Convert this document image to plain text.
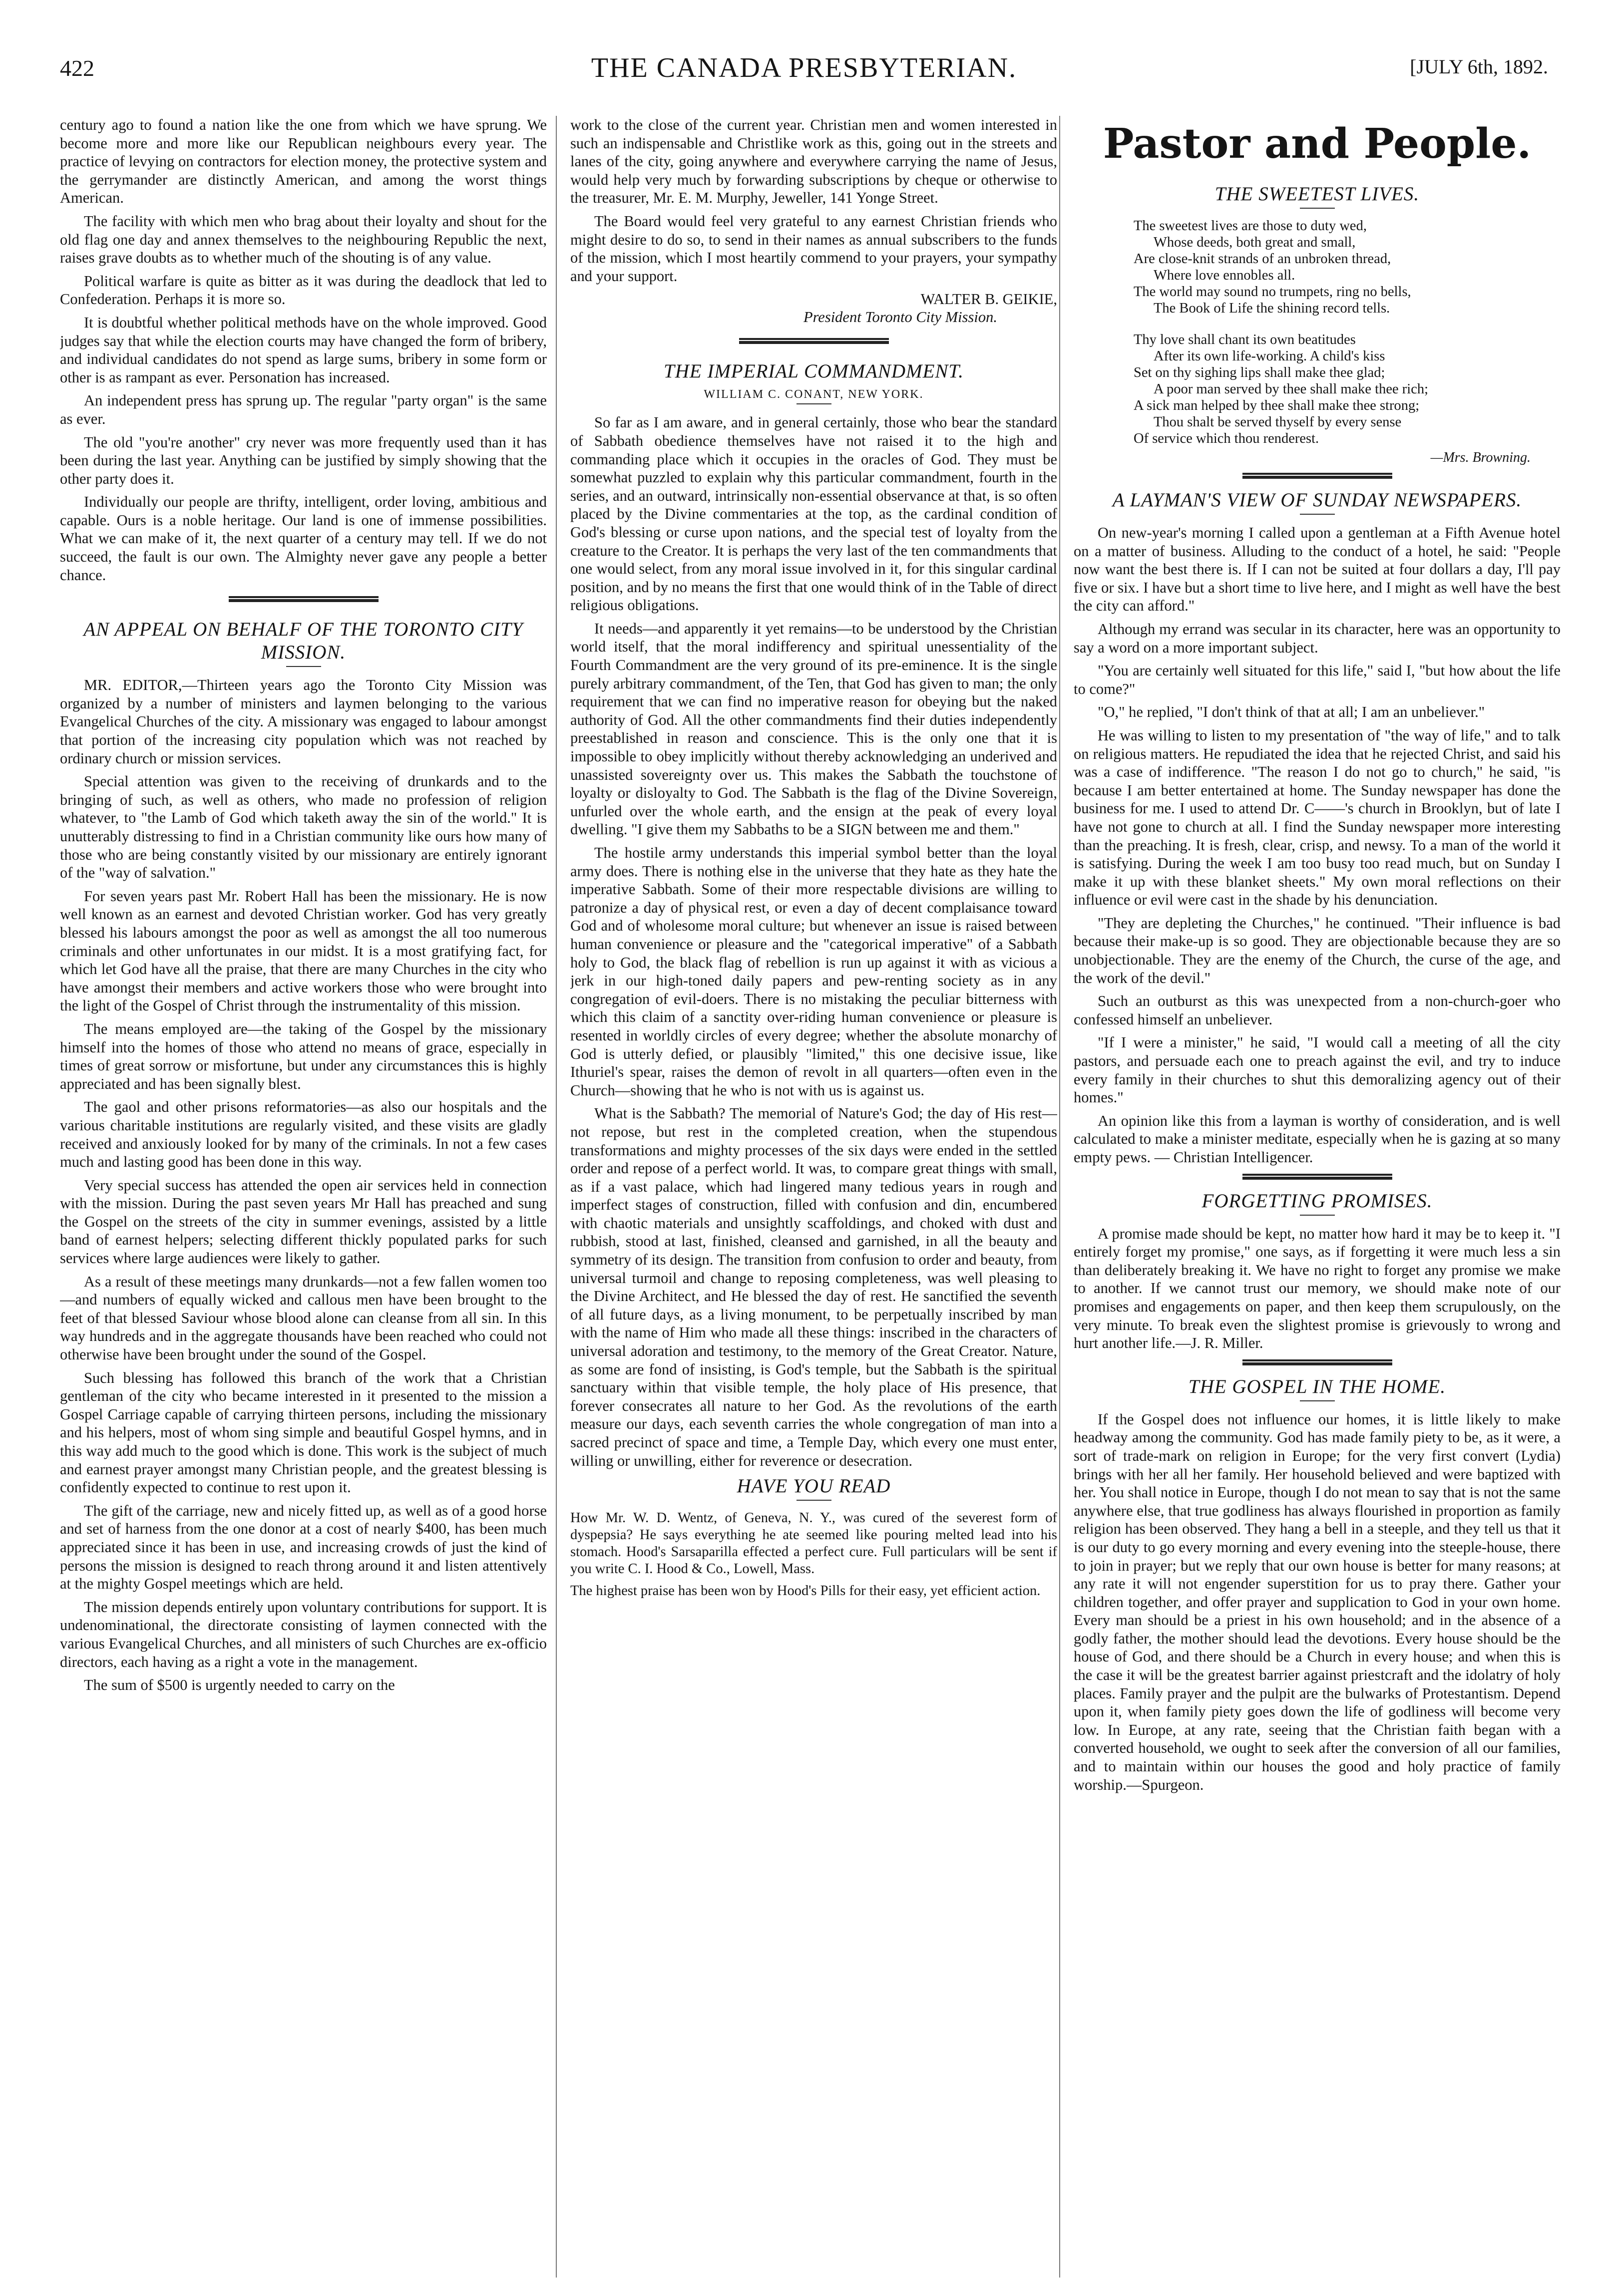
422	THE CANADA PRESBYTERIAN.	[JULY 6th, 1892.

century ago to found a nation like the one from which we have sprung. We become more and more like our Republican neighbours every year. The practice of levying on contractors for election money, the protective system and the gerrymander are distinctly American, and among the worst things American.

The facility with which men who brag about their loyalty and shout for the old flag one day and annex themselves to the neighbouring Republic the next, raises grave doubts as to whether much of the shouting is of any value.

Political warfare is quite as bitter as it was during the deadlock that led to Confederation. Perhaps it is more so.

It is doubtful whether political methods have on the whole improved. Good judges say that while the election courts may have changed the form of bribery, and individual candidates do not spend as large sums, bribery in some form or other is as rampant as ever. Personation has increased.

An independent press has sprung up. The regular "party organ" is the same as ever.

The old "you're another" cry never was more frequently used than it has been during the last year. Anything can be justified by simply showing that the other party does it.

Individually our people are thrifty, intelligent, order loving, ambitious and capable. Ours is a noble heritage. Our land is one of immense possibilities. What we can make of it, the next quarter of a century may tell. If we do not succeed, the fault is our own. The Almighty never gave any people a better chance.

AN APPEAL ON BEHALF OF THE TORONTO CITY MISSION.

MR. EDITOR,—Thirteen years ago the Toronto City Mission was organized by a number of ministers and laymen belonging to the various Evangelical Churches of the city. A missionary was engaged to labour amongst that portion of the increasing city population which was not reached by ordinary church or mission services.

Special attention was given to the receiving of drunkards and to the bringing of such, as well as others, who made no profession of religion whatever, to "the Lamb of God which taketh away the sin of the world." It is unutterably distressing to find in a Christian community like ours how many of those who are being constantly visited by our missionary are entirely ignorant of the "way of salvation."

For seven years past Mr. Robert Hall has been the missionary. He is now well known as an earnest and devoted Christian worker. God has very greatly blessed his labours amongst the poor as well as amongst the all too numerous criminals and other unfortunates in our midst. It is a most gratifying fact, for which let God have all the praise, that there are many Churches in the city who have amongst their members and active workers those who were brought into the light of the Gospel of Christ through the instrumentality of this mission.

The means employed are—the taking of the Gospel by the missionary himself into the homes of those who attend no means of grace, especially in times of great sorrow or misfortune, but under any circumstances this is highly appreciated and has been signally blest.

The gaol and other prisons reformatories—as also our hospitals and the various charitable institutions are regularly visited, and these visits are gladly received and anxiously looked for by many of the criminals. In not a few cases much and lasting good has been done in this way.

Very special success has attended the open air services held in connection with the mission. During the past seven years Mr Hall has preached and sung the Gospel on the streets of the city in summer evenings, assisted by a little band of earnest helpers; selecting different thickly populated parks for such services where large audiences were likely to gather.

As a result of these meetings many drunkards—not a few fallen women too—and numbers of equally wicked and callous men have been brought to the feet of that blessed Saviour whose blood alone can cleanse from all sin. In this way hundreds and in the aggregate thousands have been reached who could not otherwise have been brought under the sound of the Gospel.

Such blessing has followed this branch of the work that a Christian gentleman of the city who became interested in it presented to the mission a Gospel Carriage capable of carrying thirteen persons, including the missionary and his helpers, most of whom sing simple and beautiful Gospel hymns, and in this way add much to the good which is done. This work is the subject of much and earnest prayer amongst many Christian people, and the greatest blessing is confidently expected to continue to rest upon it.

The gift of the carriage, new and nicely fitted up, as well as of a good horse and set of harness from the one donor at a cost of nearly $400, has been much appreciated since it has been in use, and increasing crowds of just the kind of persons the mission is designed to reach throng around it and listen attentively at the mighty Gospel meetings which are held.

The mission depends entirely upon voluntary contributions for support. It is undenominational, the directorate consisting of laymen connected with the various Evangelical Churches, and all ministers of such Churches are ex-officio directors, each having as a right a vote in the management.

The sum of $500 is urgently needed to carry on the

work to the close of the current year. Christian men and women interested in such an indispensable and Christlike work as this, going out in the streets and lanes of the city, going anywhere and everywhere carrying the name of Jesus, would help very much by forwarding subscriptions by cheque or otherwise to the treasurer, Mr. E. M. Murphy, Jeweller, 141 Yonge Street.

The Board would feel very grateful to any earnest Christian friends who might desire to do so, to send in their names as annual subscribers to the funds of the mission, which I most heartily commend to your prayers, your sympathy and your support.

WALTER B. GEIKIE,
President Toronto City Mission.
THE IMPERIAL COMMANDMENT.
WILLIAM C. CONANT, NEW YORK.

So far as I am aware, and in general certainly, those who bear the standard of Sabbath obedience themselves have not raised it to the high and commanding place which it occupies in the oracles of God. They must be somewhat puzzled to explain why this particular commandment, fourth in the series, and an outward, intrinsically non-essential observance at that, is so often placed by the Divine commentaries at the top, as the cardinal condition of God's blessing or curse upon nations, and the special test of loyalty from the creature to the Creator. It is perhaps the very last of the ten commandments that one would select, from any moral issue involved in it, for this singular cardinal position, and by no means the first that one would think of in the Table of direct religious obligations.

It needs—and apparently it yet remains—to be understood by the Christian world itself, that the moral indifferency and spiritual unessentiality of the Fourth Commandment are the very ground of its pre-eminence. It is the single purely arbitrary commandment, of the Ten, that God has given to man; the only requirement that we can find no imperative reason for obeying but the naked authority of God. All the other commandments find their duties independently preestablished in reason and conscience. This is the only one that it is impossible to obey implicitly without thereby acknowledging an underived and unassisted sovereignty over us. This makes the Sabbath the touchstone of loyalty or disloyalty to God. The Sabbath is the flag of the Divine Sovereign, unfurled over the whole earth, and the ensign at the peak of every loyal dwelling. "I give them my Sabbaths to be a SIGN between me and them."

The hostile army understands this imperial symbol better than the loyal army does. There is nothing else in the universe that they hate as they hate the imperative Sabbath. Some of their more respectable divisions are willing to patronize a day of physical rest, or even a day of decent complaisance toward God and of wholesome moral culture; but whenever an issue is raised between human convenience or pleasure and the "categorical imperative" of a Sabbath holy to God, the black flag of rebellion is run up against it with as vicious a jerk in our high-toned daily papers and pew-renting society as in any congregation of evil-doers. There is no mistaking the peculiar bitterness with which this claim of a sanctity over-riding human convenience or pleasure is resented in worldly circles of every degree; whether the absolute monarchy of God is utterly defied, or plausibly "limited," this one decisive issue, like Ithuriel's spear, raises the demon of revolt in all quarters—often even in the Church—showing that he who is not with us is against us.

What is the Sabbath? The memorial of Nature's God; the day of His rest—not repose, but rest in the completed creation, when the stupendous transformations and mighty processes of the six days were ended in the settled order and repose of a perfect world. It was, to compare great things with small, as if a vast palace, which had lingered many tedious years in rough and imperfect stages of construction, filled with confusion and din, encumbered with chaotic materials and unsightly scaffoldings, and choked with dust and rubbish, stood at last, finished, cleansed and garnished, in all the beauty and symmetry of its design. The transition from confusion to order and beauty, from universal turmoil and change to reposing completeness, was well pleasing to the Divine Architect, and He blessed the day of rest. He sanctified the seventh of all future days, as a living monument, to be perpetually inscribed by man with the name of Him who made all these things: inscribed in the characters of universal adoration and testimony, to the memory of the Great Creator. Nature, as some are fond of insisting, is God's temple, but the Sabbath is the spiritual sanctuary within that visible temple, the holy place of His presence, that forever consecrates all nature to her God. As the revolutions of the earth measure our days, each seventh carries the whole congregation of man into a sacred precinct of space and time, a Temple Day, which every one must enter, willing or unwilling, either for reverence or desecration.

HAVE YOU READ

How Mr. W. D. Wentz, of Geneva, N. Y., was cured of the severest form of dyspepsia? He says everything he ate seemed like pouring melted lead into his stomach. Hood's Sarsaparilla effected a perfect cure. Full particulars will be sent if you write C. I. Hood & Co., Lowell, Mass.

The highest praise has been won by Hood's Pills for their easy, yet efficient action.

Pastor and People.
THE SWEETEST LIVES.
The sweetest lives are those to duty wed,
Whose deeds, both great and small,
Are close-knit strands of an unbroken thread,
Where love ennobles all.
The world may sound no trumpets, ring no bells,
The Book of Life the shining record tells.
Thy love shall chant its own beatitudes
After its own life-working. A child's kiss
Set on thy sighing lips shall make thee glad;
A poor man served by thee shall make thee rich;
A sick man helped by thee shall make thee strong;
Thou shalt be served thyself by every sense
Of service which thou renderest.
—Mrs. Browning.
A LAYMAN'S VIEW OF SUNDAY NEWSPAPERS.

On new-year's morning I called upon a gentleman at a Fifth Avenue hotel on a matter of business. Alluding to the conduct of a hotel, he said: "People now want the best there is. If I can not be suited at four dollars a day, I'll pay five or six. I have but a short time to live here, and I might as well have the best the city can afford."

Although my errand was secular in its character, here was an opportunity to say a word on a more important subject.

"You are certainly well situated for this life," said I, "but how about the life to come?"

"O," he replied, "I don't think of that at all; I am an unbeliever."

He was willing to listen to my presentation of "the way of life," and to talk on religious matters. He repudiated the idea that he rejected Christ, and said his was a case of indifference. "The reason I do not go to church," he said, "is because I am better entertained at home. The Sunday newspaper has done the business for me. I used to attend Dr. C——'s church in Brooklyn, but of late I have not gone to church at all. I find the Sunday newspaper more interesting than the preaching. It is fresh, clear, crisp, and newsy. To a man of the world it is satisfying. During the week I am too busy too read much, but on Sunday I make it up with these blanket sheets." My own moral reflections on their influence or evil were cast in the shade by his denunciation.

"They are depleting the Churches," he continued. "Their influence is bad because their make-up is so good. They are objectionable because they are so unobjectionable. They are the enemy of the Church, the curse of the age, and the work of the devil."

Such an outburst as this was unexpected from a non-church-goer who confessed himself an unbeliever.

"If I were a minister," he said, "I would call a meeting of all the city pastors, and persuade each one to preach against the evil, and try to induce every family in their churches to shut this demoralizing agency out of their homes."

An opinion like this from a layman is worthy of consideration, and is well calculated to make a minister meditate, especially when he is gazing at so many empty pews. — Christian Intelligencer.

FORGETTING PROMISES.

A promise made should be kept, no matter how hard it may be to keep it. "I entirely forget my promise," one says, as if forgetting it were much less a sin than deliberately breaking it. We have no right to forget any promise we make to another. If we cannot trust our memory, we should make note of our promises and engagements on paper, and then keep them scrupulously, on the very minute. To break even the slightest promise is grievously to wrong and hurt another life.—J. R. Miller.

THE GOSPEL IN THE HOME.

If the Gospel does not influence our homes, it is little likely to make headway among the community. God has made family piety to be, as it were, a sort of trade-mark on religion in Europe; for the very first convert (Lydia) brings with her all her family. Her household believed and were baptized with her. You shall notice in Europe, though I do not mean to say that is not the same anywhere else, that true godliness has always flourished in proportion as family religion has been observed. They hang a bell in a steeple, and they tell us that it is our duty to go every morning and every evening into the steeple-house, there to join in prayer; but we reply that our own house is better for many reasons; at any rate it will not engender superstition for us to pray there. Gather your children together, and offer prayer and supplication to God in your own home. Every man should be a priest in his own household; and in the absence of a godly father, the mother should lead the devotions. Every house should be the house of God, and there should be a Church in every house; and when this is the case it will be the greatest barrier against priestcraft and the idolatry of holy places. Family prayer and the pulpit are the bulwarks of Protestantism. Depend upon it, when family piety goes down the life of godliness will become very low. In Europe, at any rate, seeing that the Christian faith began with a converted household, we ought to seek after the conversion of all our families, and to maintain within our houses the good and holy practice of family worship.—Spurgeon.
